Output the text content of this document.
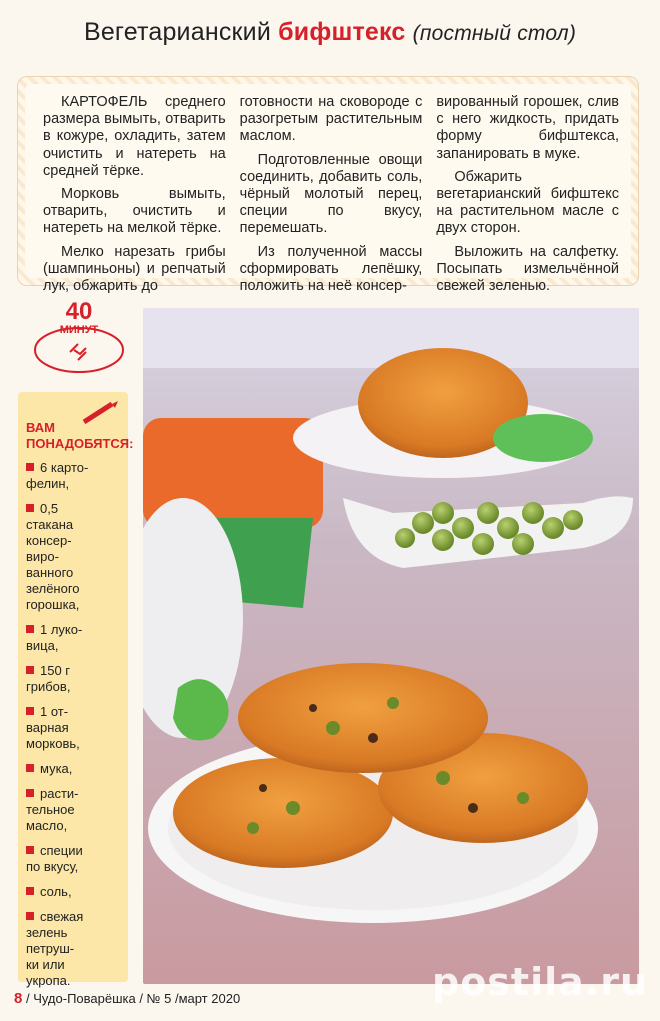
Вегетарианский бифштекс (постный стол)

КАРТОФЕЛЬ среднего размера вымыть, отварить в кожуре, охладить, затем очистить и натереть на средней тёрке.

Морковь вымыть, отварить, очистить и натереть на мелкой тёрке.

Мелко нарезать грибы (шампиньоны) и репчатый лук, обжарить до

готовности на сковороде с разогретым растительным маслом.

Подготовленные овощи соединить, добавить соль, чёрный молотый перец, специи по вкусу, перемешать.

Из полученной массы сформировать лепёшку, положить на неё консер-

вированный горошек, слив с него жидкость, придать форму бифштекса, запанировать в муке.

Обжарить вегетарианский бифштекс на растительном масле с двух сторон.

Выложить на салфетку. Посыпать измельчённой свежей зеленью.

40
МИНУТ
ВАМ
ПОНАДОБЯТСЯ:
6 карто-
фелин,
0,5
стакана
консер-
виро-
ванного
зелёного
горошка,
1 луко-
вица,
150 г
грибов,
1 от-
варная
морковь,
мука,
расти-
тельное
масло,
специи
по вкусу,
соль,
свежая
зелень
петруш-
ки или
укропа.	postila.ru
8 / Чудо-Поварёшка / № 5 /март 2020
